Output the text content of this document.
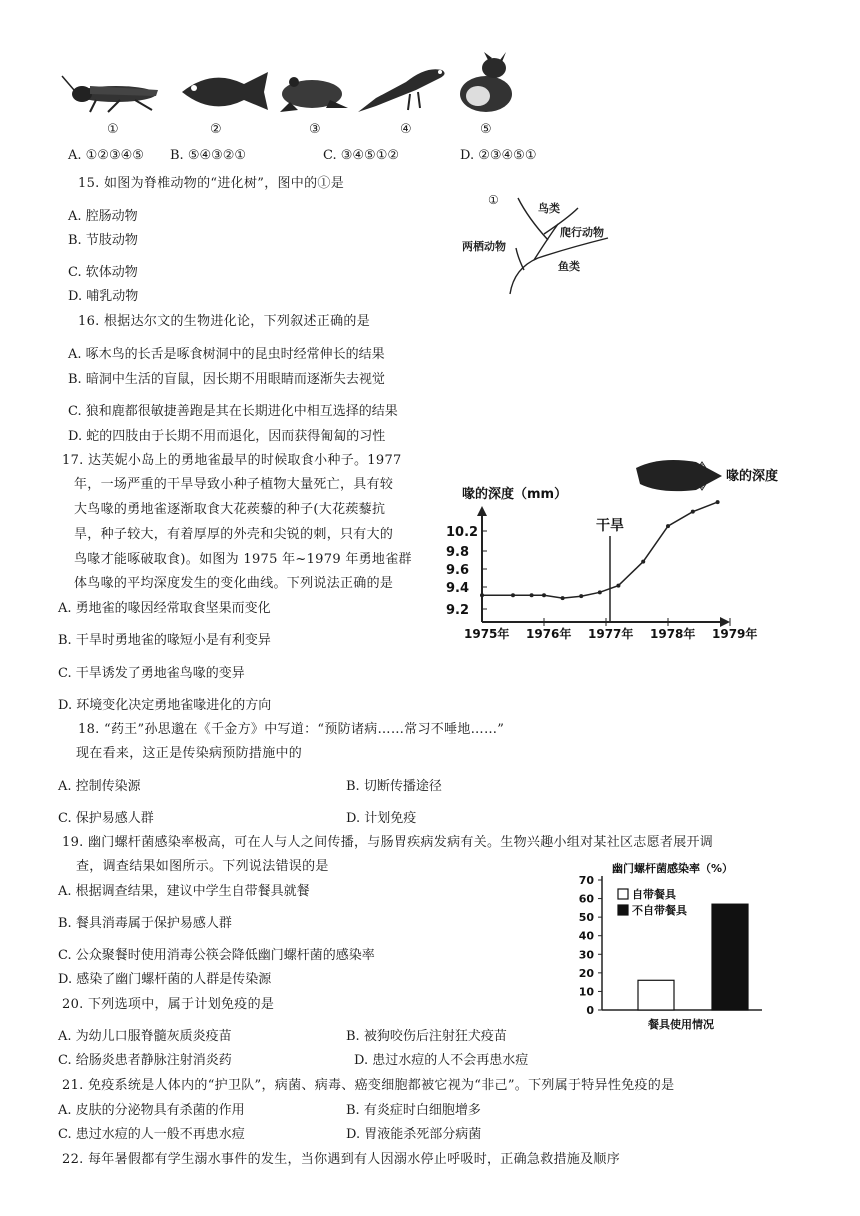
①	②	③	④	⑤
A. ①②③④⑤ B. ⑤④③②①	C. ③④⑤①②	D. ②③④⑤①
15. 如图为脊椎动物的“进化树”，图中的①是
A. 腔肠动物
B. 节肢动物
C. 软体动物
D. 哺乳动物
①
鸟类
爬行动物
两栖动物
鱼类
16. 根据达尔文的生物进化论，下列叙述正确的是
A. 啄木鸟的长舌是啄食树洞中的昆虫时经常伸长的结果
B. 暗洞中生活的盲鼠，因长期不用眼睛而逐渐失去视觉
C. 狼和鹿都很敏捷善跑是其在长期进化中相互选择的结果
D. 蛇的四肢由于长期不用而退化，因而获得匍匐的习性
17. 达芙妮小岛上的勇地雀最早的时候取食小种子。1977
年，一场严重的干旱导致小种子植物大量死亡，具有较
大鸟喙的勇地雀逐渐取食大花蒺藜的种子(大花蒺藜抗
旱，种子较大，有着厚厚的外壳和尖锐的刺，只有大的
鸟喙才能啄破取食)。如图为 1975 年~1979 年勇地雀群
体鸟喙的平均深度发生的变化曲线。下列说法正确的是
A. 勇地雀的喙因经常取食坚果而变化
B. 干旱时勇地雀的喙短小是有利变异
C. 干旱诱发了勇地雀鸟喙的变异
D. 环境变化决定勇地雀喙进化的方向
喙的深度
喙的深度（mm）
9.2
9.4
9.6
9.8
10.2
1975年 1976年 1977年 1978年 1979年
干旱
18. “药王”孙思邈在《千金方》中写道：“预防诸病……常习不唾地……”
现在看来，这正是传染病预防措施中的
A. 控制传染源	B. 切断传播途径
C. 保护易感人群	D. 计划免疫
19. 幽门螺杆菌感染率极高，可在人与人之间传播，与肠胃疾病发病有关。生物兴趣小组对某社区志愿者展开调
查，调查结果如图所示。下列说法错误的是
A. 根据调查结果，建议中学生自带餐具就餐
B. 餐具消毒属于保护易感人群
C. 公众聚餐时使用消毒公筷会降低幽门螺杆菌的感染率
D. 感染了幽门螺杆菌的人群是传染源
幽门螺杆菌感染率（%）
0
10
20
30
40
50
60
70
自带餐具
不自带餐具
餐具使用情况
20. 下列选项中，属于计划免疫的是
A. 为幼儿口服脊髓灰质炎疫苗	B. 被狗咬伤后注射狂犬疫苗
C. 给肠炎患者静脉注射消炎药	D. 患过水痘的人不会再患水痘
21. 免疫系统是人体内的“护卫队”，病菌、病毒、癌变细胞都被它视为“非己”。下列属于特异性免疫的是
A. 皮肤的分泌物具有杀菌的作用	B. 有炎症时白细胞增多
C. 患过水痘的人一般不再患水痘	D. 胃液能杀死部分病菌
22. 每年暑假都有学生溺水事件的发生，当你遇到有人因溺水停止呼吸时，正确急救措施及顺序
